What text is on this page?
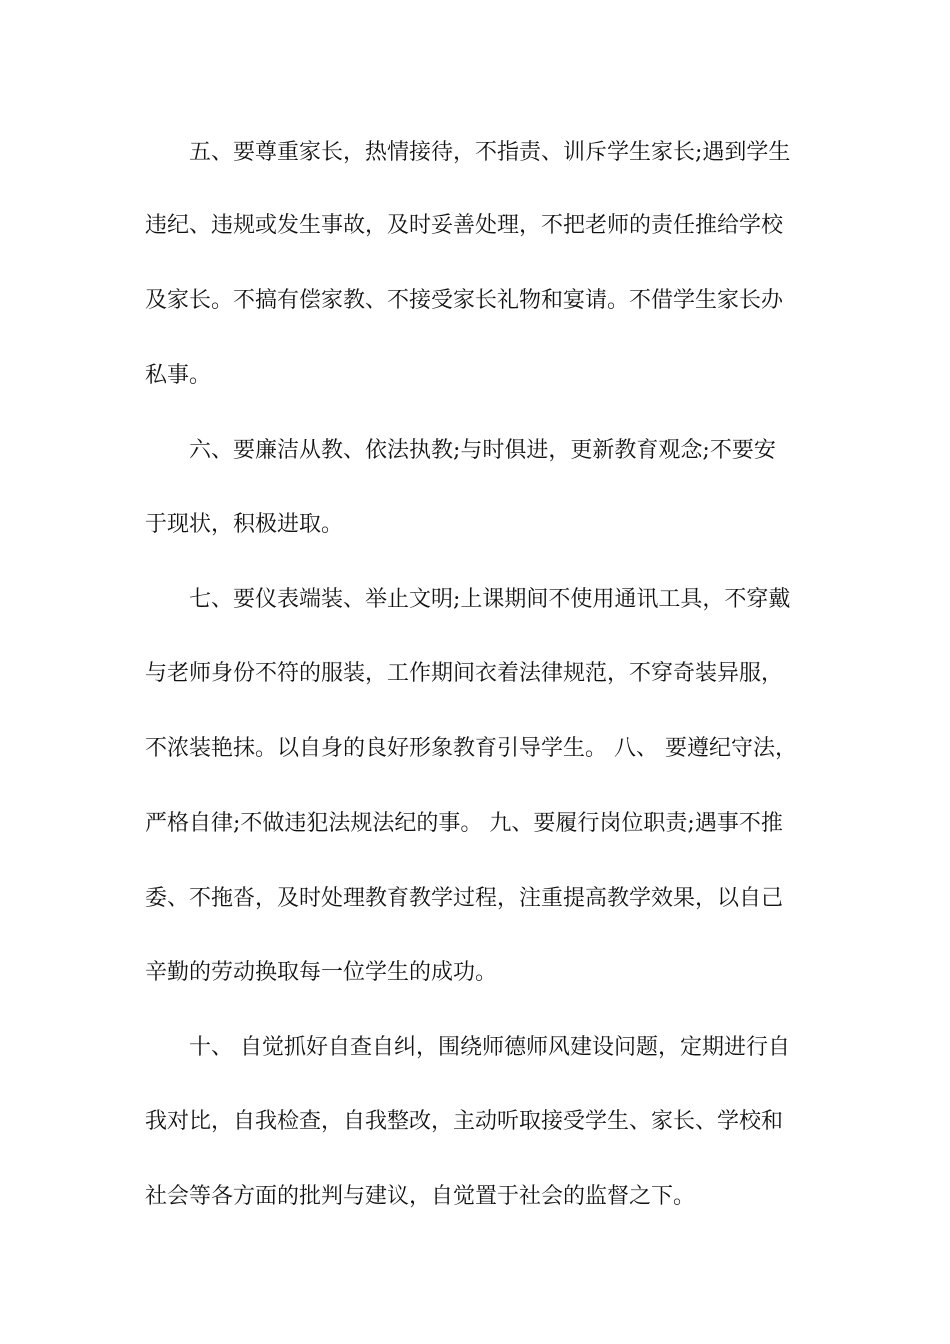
　　五、要尊重家长，热情接待，不指责、训斥学生家长;遇到学生
违纪、违规或发生事故，及时妥善处理，不把老师的责任推给学校
及家长。不搞有偿家教、不接受家长礼物和宴请。不借学生家长办
私事。
　　六、要廉洁从教、依法执教;与时俱进，更新教育观念;不要安
于现状，积极进取。
　　七、要仪表端装、举止文明;上课期间不使用通讯工具，不穿戴
与老师身份不符的服装，工作期间衣着法律规范，不穿奇装异服，
不浓装艳抹。以自身的良好形象教育引导学生。 八、 要遵纪守法，
严格自律;不做违犯法规法纪的事。 九、要履行岗位职责;遇事不推
委、不拖沓，及时处理教育教学过程，注重提高教学效果，以自己
辛勤的劳动换取每一位学生的成功。
　　十、 自觉抓好自查自纠，围绕师德师风建设问题，定期进行自
我对比，自我检查，自我整改，主动听取接受学生、家长、学校和
社会等各方面的批判与建议，自觉置于社会的监督之下。
